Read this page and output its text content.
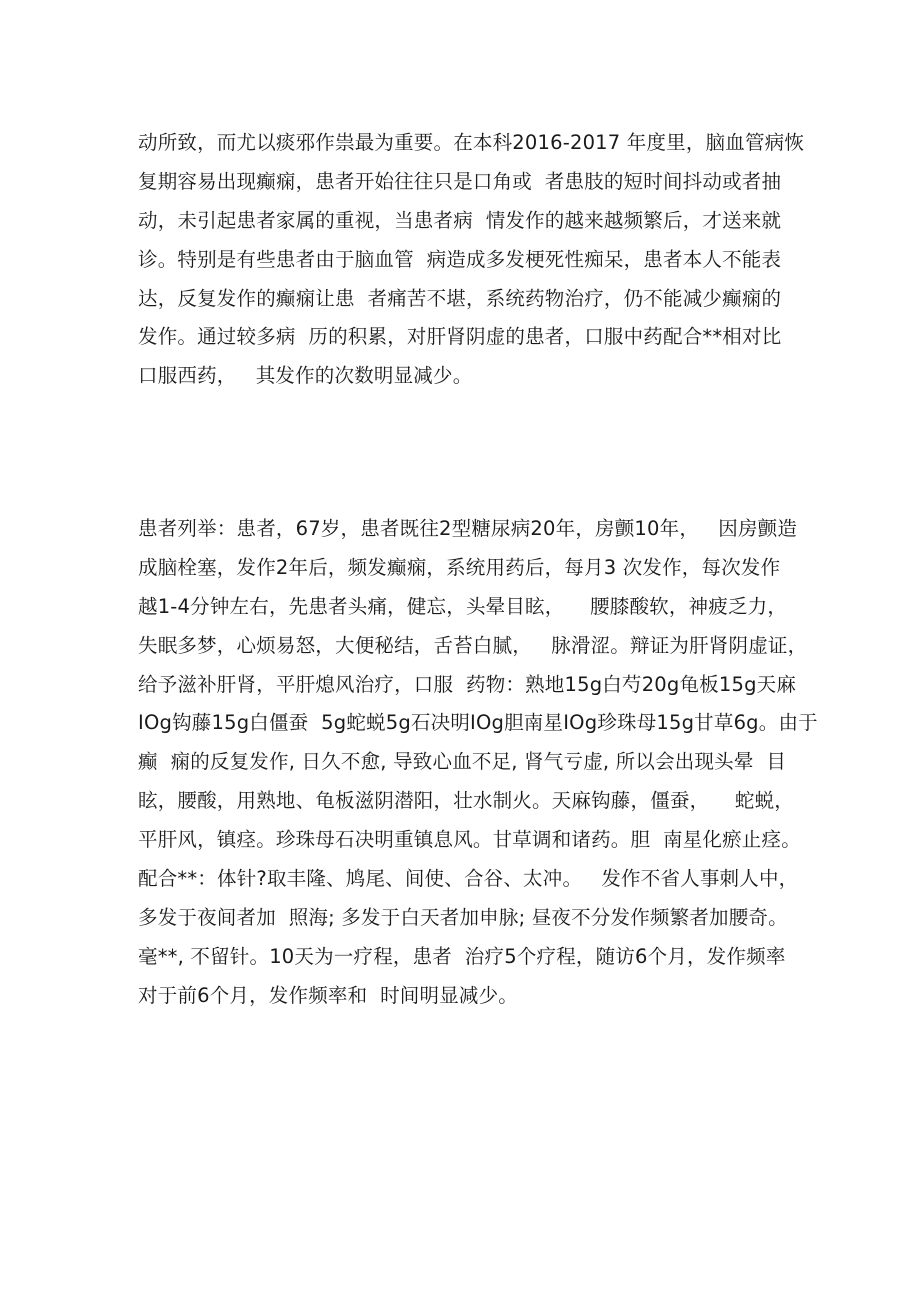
动所致，而尤以痰邪作祟最为重要。在本科2016-2017 年度里，脑血管病恢
复期容易出现癫痫，患者开始往往只是口角或  者患肢的短时间抖动或者抽
动，未引起患者家属的重视，当患者病  情发作的越来越频繁后，才送来就
诊。特别是有些患者由于脑血管  病造成多发梗死性痴呆，患者本人不能表
达，反复发作的癫痫让患  者痛苦不堪，系统药物治疗，仍不能减少癫痫的
发作。通过较多病  历的积累，对肝肾阴虚的患者，口服中药配合**相对比
口服西药，   其发作的次数明显减少。
患者列举：患者，67岁，患者既往2型糖尿病20年，房颤10年，   因房颤造
成脑栓塞，发作2年后，频发癫痫，系统用药后，每月3 次发作，每次发作
越1-4分钟左右，先患者头痛，健忘，头晕目眩，    腰膝酸软，神疲乏力，
失眠多梦，心烦易怒，大便秘结，舌苔白腻，   脉滑涩。辩证为肝肾阴虚证，
给予滋补肝肾，平肝熄风治疗，口服  药物：熟地15g白芍20g龟板15g天麻
IOg钩藤15g白僵蚕  5g蛇蜕5g石决明IOg胆南星IOg珍珠母15g甘草6g。由于
癫  痫的反复发作, 日久不愈, 导致心血不足, 肾气亏虚, 所以会出现头晕  目
眩，腰酸，用熟地、龟板滋阴潜阳，壮水制火。天麻钩藤，僵蚕，    蛇蜕，
平肝风，镇痉。珍珠母石决明重镇息风。甘草调和诸药。胆  南星化瘀止痉。
配合**：体针?取丰隆、鸠尾、间使、合谷、太冲。   发作不省人事刺人中，
多发于夜间者加  照海; 多发于白天者加申脉; 昼夜不分发作频繁者加腰奇。
毫**, 不留针。10天为一疗程，患者  治疗5个疗程，随访6个月，发作频率
对于前6个月，发作频率和  时间明显减少。
